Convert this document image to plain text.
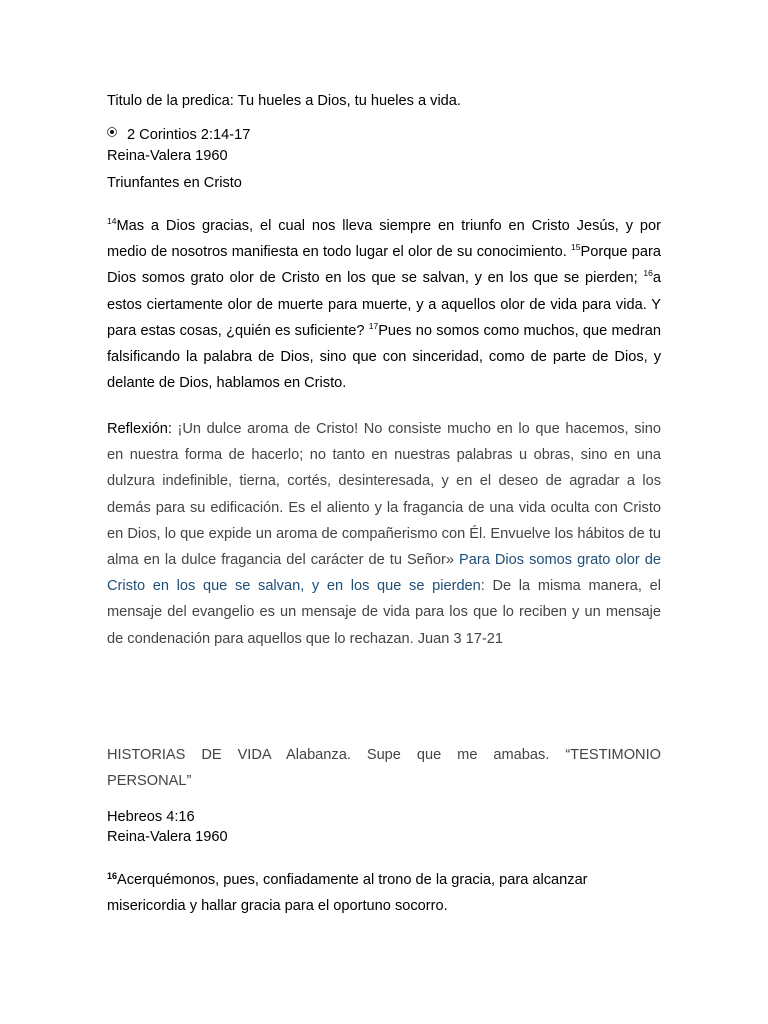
Titulo de la predica: Tu hueles a Dios, tu hueles a vida.
2 Corintios 2:14-17
Reina-Valera 1960
Triunfantes en Cristo
$^{14}$Mas a Dios gracias, el cual nos lleva siempre en triunfo en Cristo Jesús, y por medio de nosotros manifiesta en todo lugar el olor de su conocimiento. $^{15}$Porque para Dios somos grato olor de Cristo en los que se salvan, y en los que se pierden; $^{16}$a estos ciertamente olor de muerte para muerte, y a aquellos olor de vida para vida. Y para estas cosas, ¿quién es suficiente? $^{17}$Pues no somos como muchos, que medran falsificando la palabra de Dios, sino que con sinceridad, como de parte de Dios, y delante de Dios, hablamos en Cristo.
Reflexión: ¡Un dulce aroma de Cristo! No consiste mucho en lo que hacemos, sino en nuestra forma de hacerlo; no tanto en nuestras palabras u obras, sino en una dulzura indefinible, tierna, cortés, desinteresada, y en el deseo de agradar a los demás para su edificación. Es el aliento y la fragancia de una vida oculta con Cristo en Dios, lo que expide un aroma de compañerismo con Él. Envuelve los hábitos de tu alma en la dulce fragancia del carácter de tu Señor» Para Dios somos grato olor de Cristo en los que se salvan, y en los que se pierden: De la misma manera, el mensaje del evangelio es un mensaje de vida para los que lo reciben y un mensaje de condenación para aquellos que lo rechazan. Juan 3 17-21
HISTORIAS DE VIDA Alabanza. Supe que me amabas. “TESTIMONIO PERSONAL”
Hebreos 4:16
Reina-Valera 1960
$^{16}$Acerquémonos, pues, confiadamente al trono de la gracia, para alcanzar misericordia y hallar gracia para el oportuno socorro.
